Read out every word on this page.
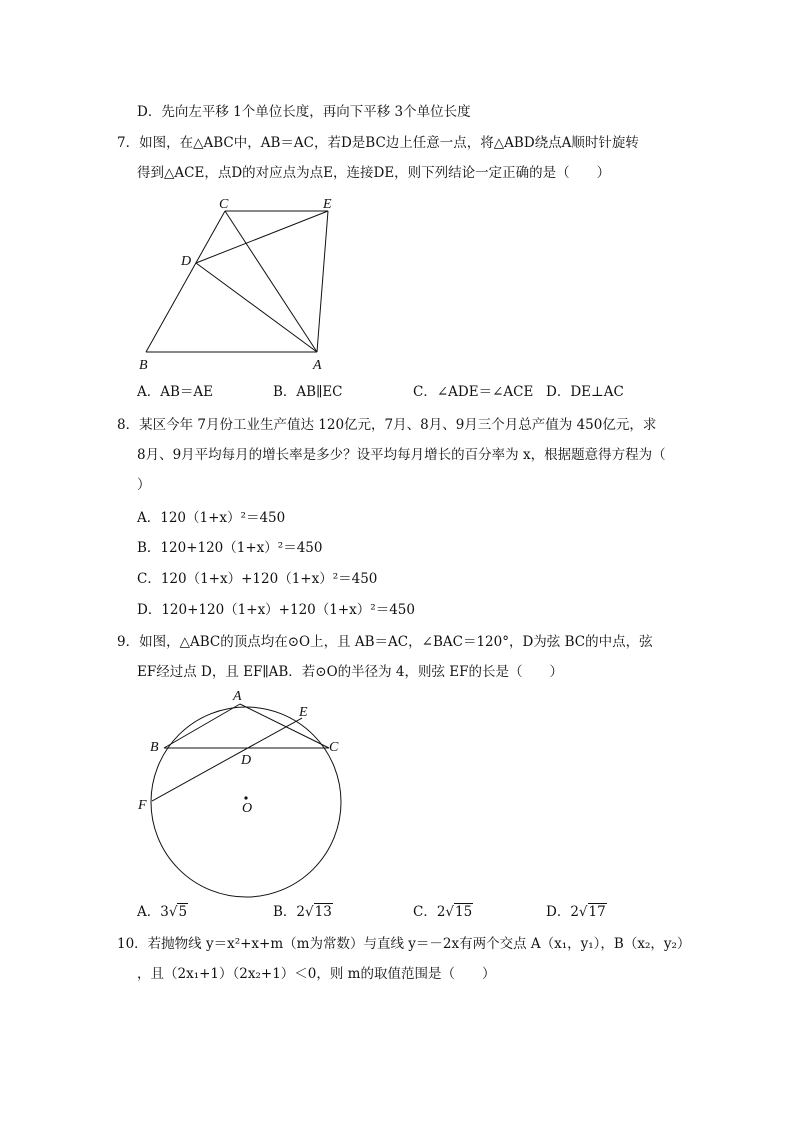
D．先向左平移 1个单位长度，再向下平移 3个单位长度
7．如图，在△ABC中，AB＝AC，若D是BC边上任意一点，将△ABD绕点A顺时针旋转
得到△ACE，点D的对应点为点E，连接DE，则下列结论一定正确的是（　　）
C	E
D
B	A
A．AB＝AE	B．AB∥EC	C．∠ADE＝∠ACE D．DE⊥AC
8．某区今年 7月份工业生产值达 120亿元，7月、8月、9月三个月总产值为 450亿元，求
8月、9月平均每月的增长率是多少？设平均每月增长的百分率为 x，根据题意得方程为（
）
A．120（1+x）²＝450
B．120+120（1+x）²＝450
C．120（1+x）+120（1+x）²＝450
D．120+120（1+x）+120（1+x）²＝450
9．如图，△ABC的顶点均在⊙O上，且 AB＝AC，∠BAC＝120°，D为弦 BC的中点，弦
EF经过点 D，且 EF∥AB．若⊙O的半径为 4，则弦 EF的长是（　　）
A
E
B	C
D
F	O
A．3√5	B．2√13	C．2√15	D．2√17
10．若抛物线 y＝x²+x+m（m为常数）与直线 y＝－2x有两个交点 A（x₁，y₁），B（x₂，y₂）
，且（2x₁+1）（2x₂+1）＜0，则 m的取值范围是（　　）
